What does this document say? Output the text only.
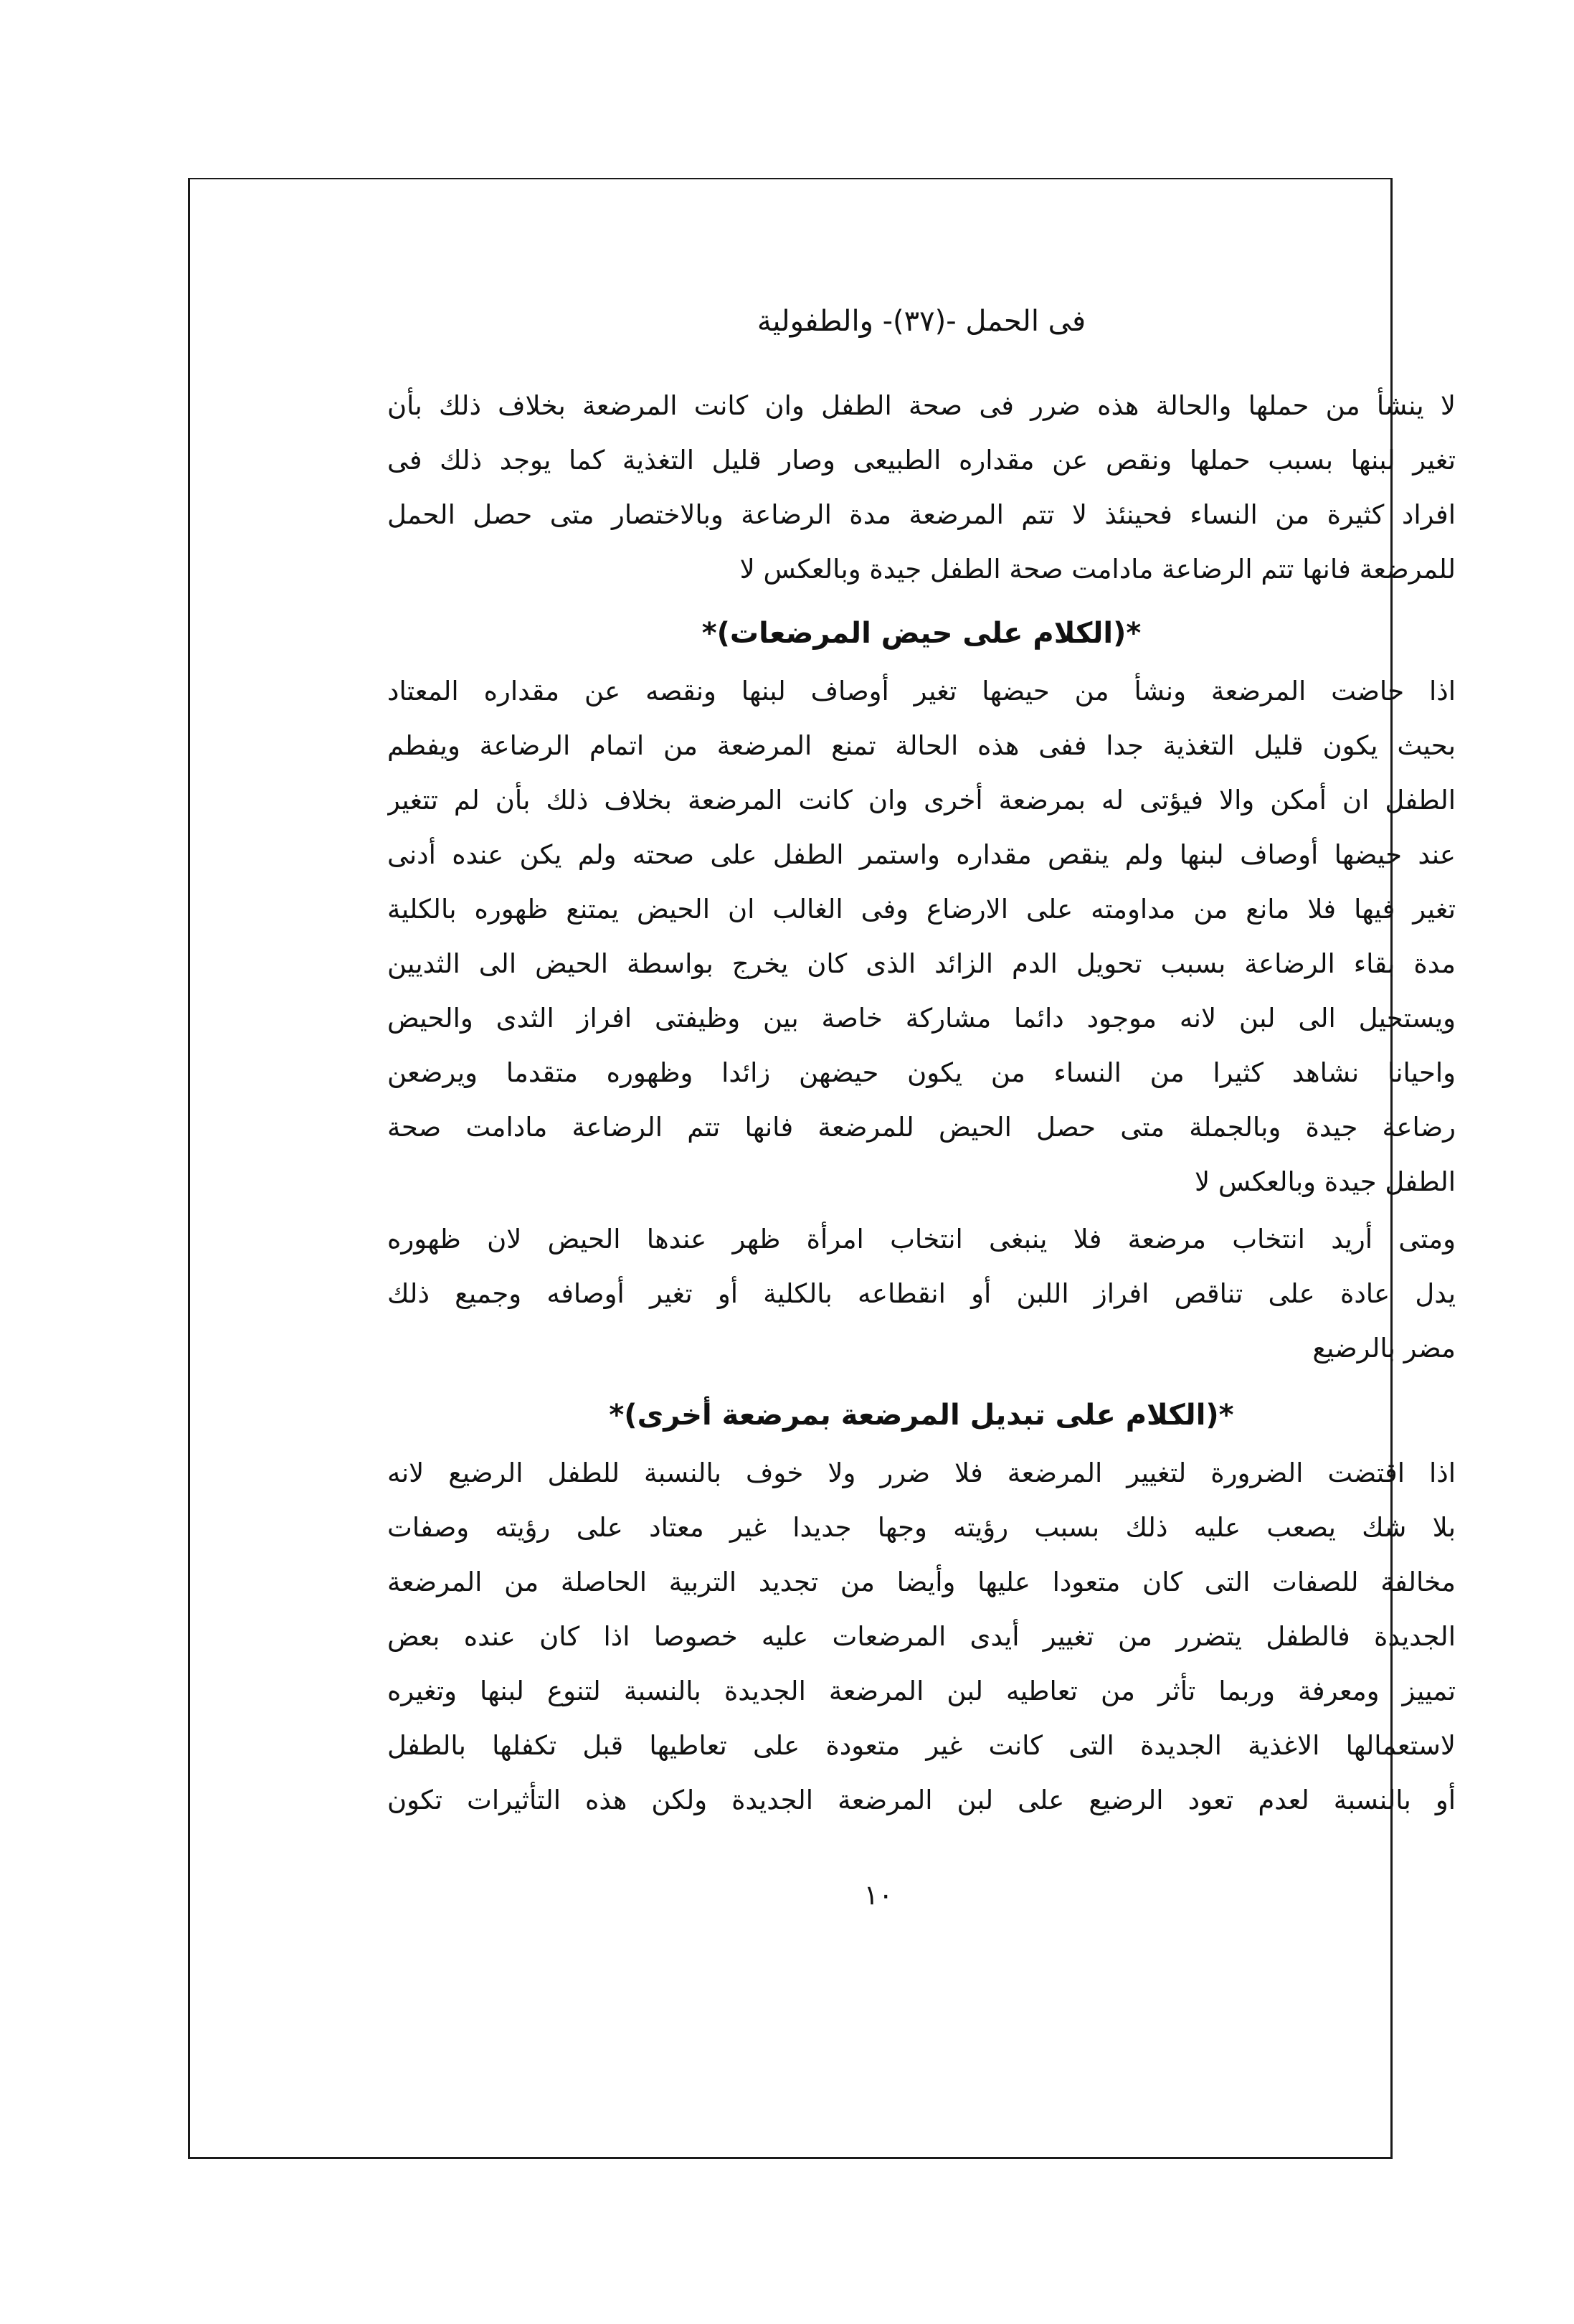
فى الحمل -(٣٧)- والطفولية
لا ينشأ من حملها والحالة هذه ضرر فى صحة الطفل وان كانت المرضعة بخلاف ذلك بأن
تغير لبنها بسبب حملها ونقص عن مقداره الطبيعى وصار قليل التغذية كما يوجد ذلك فى
افراد كثيرة من النساء فحينئذ لا تتم المرضعة مدة الرضاعة وبالاختصار متى حصل الحمل
للمرضعة فانها تتم الرضاعة مادامت صحة الطفل جيدة وبالعكس لا
*(الكلام على حيض المرضعات)*
اذا حاضت المرضعة ونشأ من حيضها تغير أوصاف لبنها ونقصه عن مقداره المعتاد
بحيث يكون قليل التغذية جدا ففى هذه الحالة تمنع المرضعة من اتمام الرضاعة ويفطم
الطفل ان أمكن والا فيؤتى له بمرضعة أخرى وان كانت المرضعة بخلاف ذلك بأن لم تتغير
عند حيضها أوصاف لبنها ولم ينقص مقداره واستمر الطفل على صحته ولم يكن عنده أدنى
تغير فيها فلا مانع من مداومته على الارضاع وفى الغالب ان الحيض يمتنع ظهوره بالكلية
مدة بقاء الرضاعة بسبب تحويل الدم الزائد الذى كان يخرج بواسطة الحيض الى الثديين
ويستحيل الى لبن لانه موجود دائما مشاركة خاصة بين وظيفتى افراز الثدى والحيض
واحيانا نشاهد كثيرا من النساء من يكون حيضهن زائدا وظهوره متقدما ويرضعن
رضاعة جيدة وبالجملة متى حصل الحيض للمرضعة فانها تتم الرضاعة مادامت صحة
الطفل جيدة وبالعكس لا
ومتى أريد انتخاب مرضعة فلا ينبغى انتخاب امرأة ظهر عندها الحيض لان ظهوره
يدل عادة على تناقص افراز اللبن أو انقطاعه بالكلية أو تغير أوصافه وجميع ذلك
مضر بالرضيع
*(الكلام على تبديل المرضعة بمرضعة أخرى)*
اذا اقتضت الضرورة لتغيير المرضعة فلا ضرر ولا خوف بالنسبة للطفل الرضيع لانه
بلا شك يصعب عليه ذلك بسبب رؤيته وجها جديدا غير معتاد على رؤيته وصفات
مخالفة للصفات التى كان متعودا عليها وأيضا من تجديد التربية الحاصلة من المرضعة
الجديدة فالطفل يتضرر من تغيير أيدى المرضعات عليه خصوصا اذا كان عنده بعض
تمييز ومعرفة وربما تأثر من تعاطيه لبن المرضعة الجديدة بالنسبة لتنوع لبنها وتغيره
لاستعمالها الاغذية الجديدة التى كانت غير متعودة على تعاطيها قبل تكفلها بالطفل
أو بالنسبة لعدم تعود الرضيع على لبن المرضعة الجديدة ولكن هذه التأثيرات تكون
١٠
